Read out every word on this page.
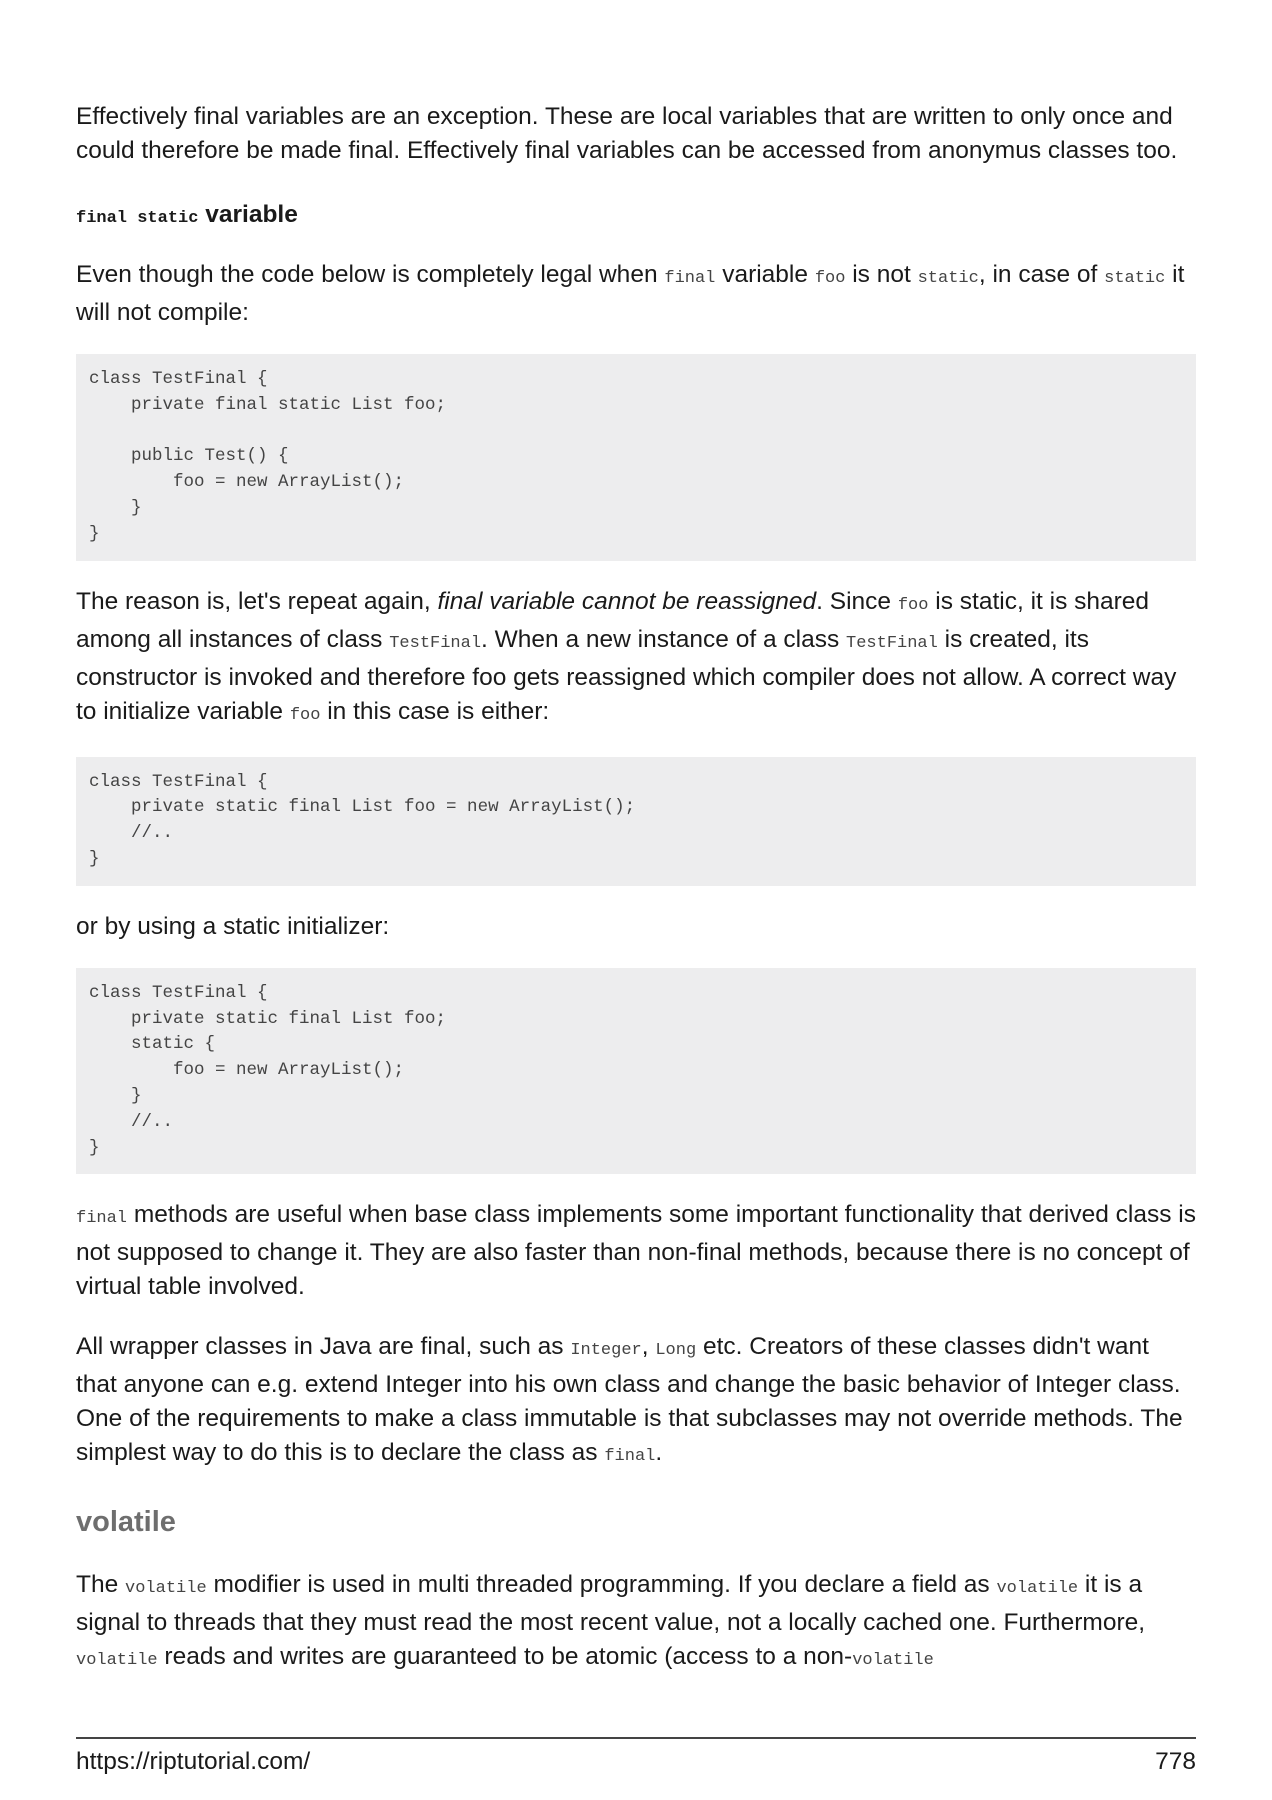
Effectively final variables are an exception. These are local variables that are written to only once and could therefore be made final. Effectively final variables can be accessed from anonymus classes too.

final static variable

Even though the code below is completely legal when final variable foo is not static, in case of static it will not compile:

class TestFinal {
private final static List foo;

public Test() {
foo = new ArrayList();
}
}

The reason is, let's repeat again, final variable cannot be reassigned. Since foo is static, it is shared among all instances of class TestFinal. When a new instance of a class TestFinal is created, its constructor is invoked and therefore foo gets reassigned which compiler does not allow. A correct way to initialize variable foo in this case is either:

class TestFinal {
private static final List foo = new ArrayList();
//..
}

or by using a static initializer:

class TestFinal {
private static final List foo;
static {
foo = new ArrayList();
}
//..
}

final methods are useful when base class implements some important functionality that derived class is not supposed to change it. They are also faster than non-final methods, because there is no concept of virtual table involved.

All wrapper classes in Java are final, such as Integer, Long etc. Creators of these classes didn't want that anyone can e.g. extend Integer into his own class and change the basic behavior of Integer class. One of the requirements to make a class immutable is that subclasses may not override methods. The simplest way to do this is to declare the class as final.

volatile

The volatile modifier is used in multi threaded programming. If you declare a field as volatile it is a signal to threads that they must read the most recent value, not a locally cached one. Furthermore, volatile reads and writes are guaranteed to be atomic (access to a non-volatile

https://riptutorial.com/	778
